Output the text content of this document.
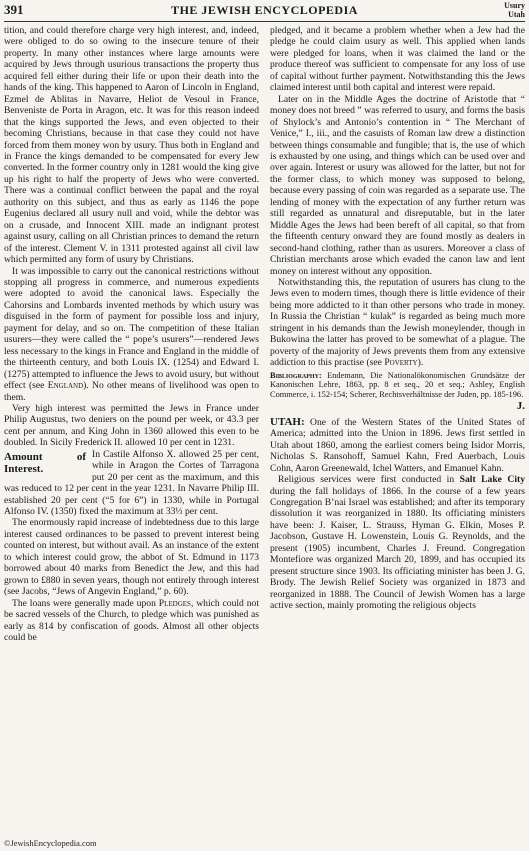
391	THE JEWISH ENCYCLOPEDIA	Usury
Utah

tition, and could therefore charge very high interest, and, indeed, were obliged to do so owing to the insecure tenure of their property. In many other instances where large amounts were acquired by Jews through usurious transactions the property thus acquired fell either during their life or upon their death into the hands of the king. This happened to Aaron of Lincoln in England, Ezmel de Ablitas in Navarre, Heliot de Vesoul in France, Benveniste de Porta in Aragon, etc. It was for this reason indeed that the kings supported the Jews, and even objected to their becoming Christians, because in that case they could not have forced from them money won by usury. Thus both in England and in France the kings demanded to be compensated for every Jew converted. In the former country only in 1281 would the king give up his right to half the property of Jews who were converted. There was a continual conflict between the papal and the royal authority on this subject, and thus as early as 1146 the pope Eugenius declared all usury null and void, while the debtor was on a crusade, and Innocent XIII. made an indignant protest against usury, calling on all Christian princes to demand the return of the interest. Clement V. in 1311 protested against all civil law which permitted any form of usury by Christians.

It was impossible to carry out the canonical restrictions without stopping all progress in commerce, and numerous expedients were adopted to avoid the canonical laws. Especially the Cahorsins and Lombards invented methods by which usury was disguised in the form of payment for possible loss and injury, payment for delay, and so on. The competition of these Italian usurers—they were called the “ pope’s usurers”—rendered Jews less necessary to the kings in France and England in the middle of the thirteenth century, and both Louis IX. (1254) and Edward I. (1275) attempted to influence the Jews to avoid usury, but without effect (see England). No other means of livelihood was open to them.

Very high interest was permitted the Jews in France under Philip Augustus, two deniers on the pound per week, or 43.3 per cent per annum, and King John in 1360 allowed this even to be doubled. In Sicily Frederick II. allowed 10 per cent in 1231.

Amount of Interest.
In Castile Alfonso X. allowed 25 per cent, while in Aragon the Cortes of Tarragona put 20 per cent as the maximum, and this was reduced to 12 per cent in the year 1231. In Navarre Philip III. established 20 per cent (“5 for 6”) in 1330, while in Portugal Alfonso IV. (1350) fixed the maximum at 33⅓ per cent.

The enormously rapid increase of indebtedness due to this large interest caused ordinances to be passed to prevent interest being counted on interest, but without avail. As an instance of the extent to which interest could grow, the abbot of St. Edmund in 1173 borrowed about 40 marks from Benedict the Jew, and this had grown to £880 in seven years, though not entirely through interest (see Jacobs, “Jews of Angevin England,” p. 60).

The loans were generally made upon Pledges, which could not be sacred vessels of the Church, to pledge which was punished as early as 814 by confiscation of goods. Almost all other objects could be

pledged, and it became a problem whether when a Jew had the pledge he could claim usury as well. This applied when lands were pledged for loans, when it was claimed the land or the produce thereof was sufficient to compensate for any loss of use of capital without further payment. Notwithstanding this the Jews claimed interest until both capital and interest were repaid.

Later on in the Middle Ages the doctrine of Aristotle that “ money does not breed ” was referred to usury, and forms the basis of Shylock’s and Antonio’s contention in “ The Merchant of Venice,” I., iii., and the casuists of Roman law drew a distinction between things consumable and fungible; that is, the use of which is exhausted by one using, and things which can be used over and over again. Interest or usury was allowed for the latter, but not for the former class, to which money was supposed to belong, because every passing of coin was regarded as a separate use. The lending of money with the expectation of any further return was still regarded as unnatural and disreputable, but in the later Middle Ages the Jews had been bereft of all capital, so that from the fifteenth century onward they are found mostly as dealers in second-hand clothing, rather than as usurers. Moreover a class of Christian merchants arose which evaded the canon law and lent money on interest without any opposition.

Notwithstanding this, the reputation of usurers has clung to the Jews even to modern times, though there is little evidence of their being more addicted to it than other persons who trade in money. In Russia the Christian “ kulak” is regarded as being much more stringent in his demands than the Jewish moneylender, though in Bukowina the latter has proved to be somewhat of a plague. The poverty of the majority of Jews prevents them from any extensive addiction to this practise (see Poverty).

Bibliography: Endemann, Die Nationalökonomischen Grundsätze der Kanonischen Lehre, 1863, pp. 8 et seq., 20 et seq.; Ashley, English Commerce, i. 152-154; Scherer, Rechtsverhältnisse der Juden, pp. 185-196.

J.

UTAH: One of the Western States of the United States of America; admitted into the Union in 1896. Jews first settled in Utah about 1860, among the earliest comers being Isidor Morris, Nicholas S. Ransohoff, Samuel Kahn, Fred Auerbach, Louis Cohn, Aaron Greenewald, Ichel Watters, and Emanuel Kahn.

Religious services were first conducted in Salt Lake City during the fall holidays of 1866. In the course of a few years Congregation B’nai Israel was established; and after its temporary dissolution it was reorganized in 1880. Its officiating ministers have been: J. Kaiser, L. Strauss, Hyman G. Elkin, Moses P. Jacobson, Gustave H. Lowenstein, Louis G. Reynolds, and the present (1905) incumbent, Charles J. Freund. Congregation Montefiore was organized March 20, 1899, and has occupied its present structure since 1903. Its officiating minister has been J. G. Brody. The Jewish Relief Society was organized in 1873 and reorganized in 1888. The Council of Jewish Women has a large active section, mainly promoting the religious objects

©JewishEncyclopedia.com
